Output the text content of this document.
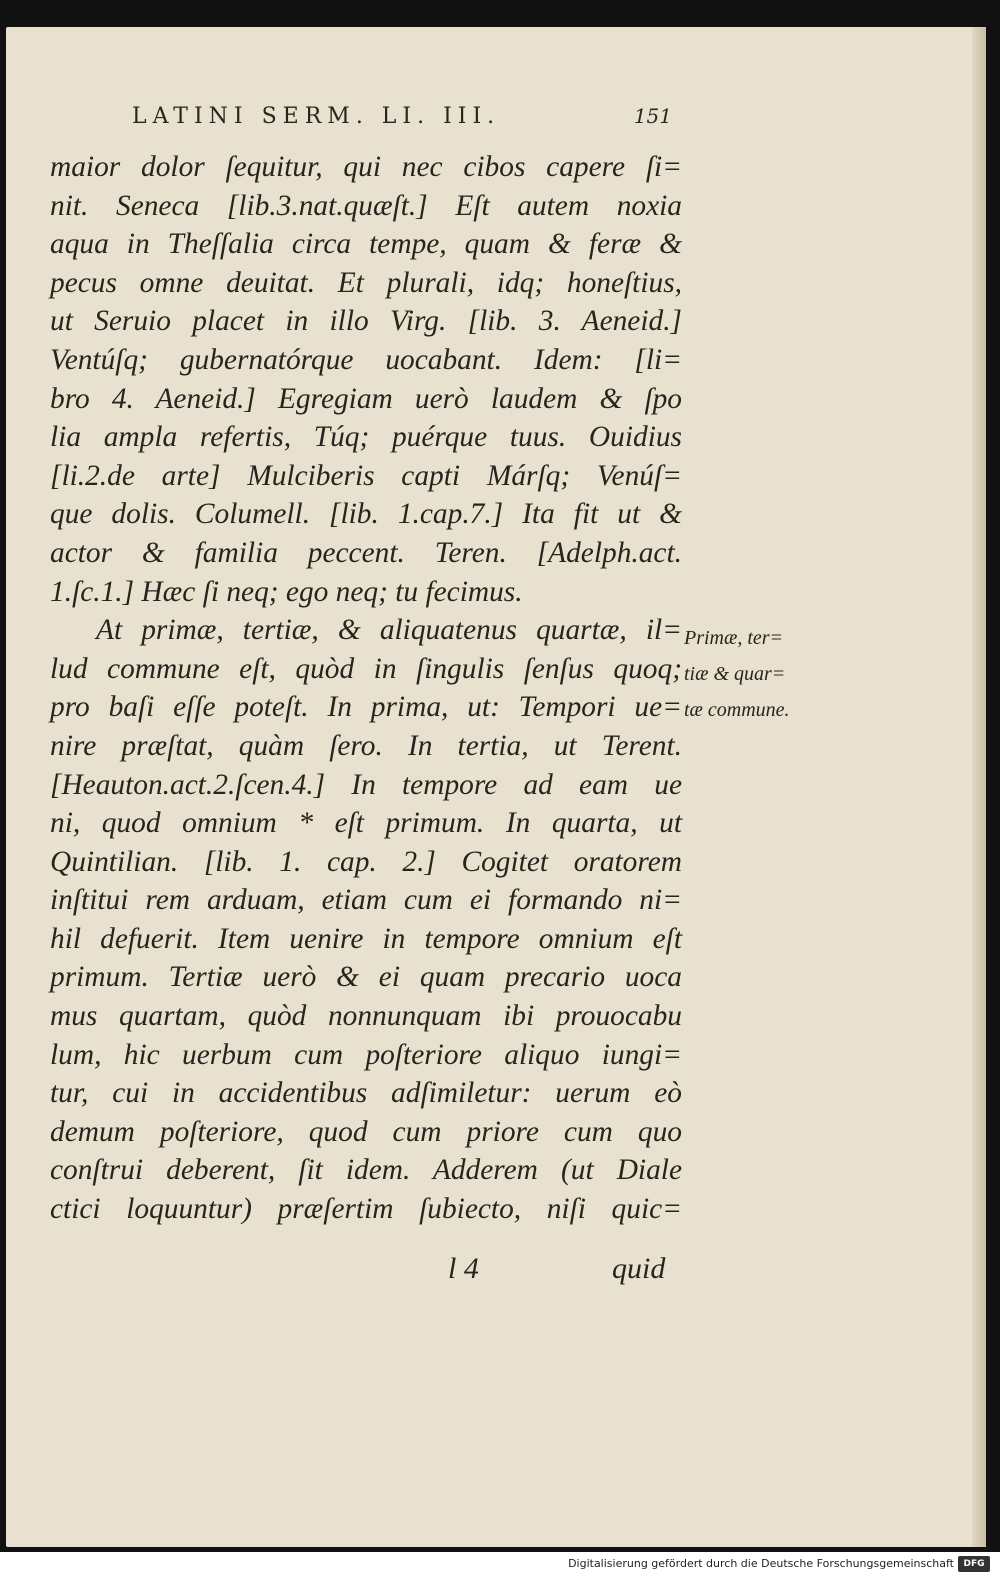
LATINI SERM. LI. III.	151
maior dolor ſequitur, qui nec cibos capere ſi=
nit. Seneca [lib.3.nat.quæſt.] Eſt autem noxia
aqua in Theſſalia circa tempe, quam & feræ &
pecus omne deuitat. Et plurali, idq; honeſtius,
ut Seruio placet in illo Virg. [lib. 3. Aeneid.]
Ventúſq; gubernatórque uocabant. Idem: [li=
bro 4. Aeneid.] Egregiam uerò laudem & ſpo
lia ampla refertis, Túq; puérque tuus. Ouidius
[li.2.de arte] Mulciberis capti Márſq; Venúſ=
que dolis. Columell. [lib. 1.cap.7.] Ita fit ut &
actor & familia peccent. Teren. [Adelph.act.
1.ſc.1.] Hæc ſi neq; ego neq; tu fecimus.
At primæ, tertiæ, & aliquatenus quartæ, il=
lud commune eſt, quòd in ſingulis ſenſus quoq;
pro baſi eſſe poteſt. In prima, ut: Tempori ue=
nire præſtat, quàm ſero. In tertia, ut Terent.
[Heauton.act.2.ſcen.4.] In tempore ad eam ue
ni, quod omnium * eſt primum. In quarta, ut
Quintilian. [lib. 1. cap. 2.] Cogitet oratorem
inſtitui rem arduam, etiam cum ei formando ni=
hil defuerit. Item uenire in tempore omnium eſt
primum. Tertiæ uerò & ei quam precario uoca
mus quartam, quòd nonnunquam ibi prouocabu
lum, hic uerbum cum poſteriore aliquo iungi=
tur, cui in accidentibus adſimiletur: uerum eò
demum poſteriore, quod cum priore cum quo
conſtrui deberent, ſit idem. Adderem (ut Diale
ctici loquuntur) præſertim ſubiecto, niſi quic=
Primæ, ter=
tiæ & quar=
tæ commune.
l 4	quid
Digitalisierung gefördert durch die Deutsche Forschungsgemeinschaft	DFG
